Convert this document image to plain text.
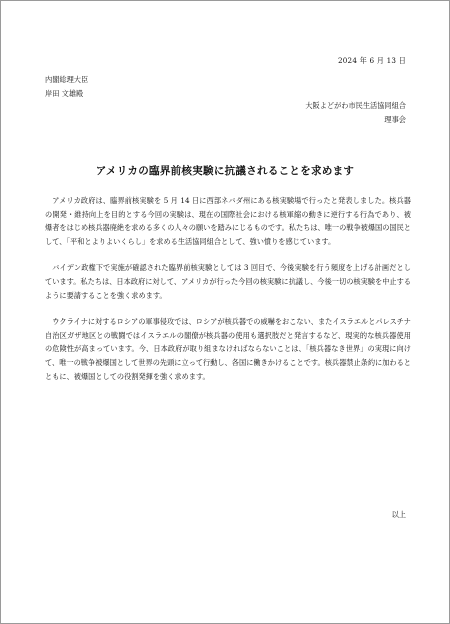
2024 年 6 月 13 日
内閣総理大臣
岸田 文雄殿
大阪よどがわ市民生活協同組合
理事会
アメリカの臨界前核実験に抗議されることを求めます

アメリカ政府は、臨界前核実験を 5 月 14 日に西部ネバダ州にある核実験場で行ったと発表しました。核兵器の開発・維持向上を目的とする今回の実験は、現在の国際社会における核軍縮の動きに逆行する行為であり、被爆者をはじめ核兵器廃絶を求める多くの人々の願いを踏みにじるものです。私たちは、唯一の戦争被爆国の国民として、「平和とよりよいくらし」を求める生活協同組合として、強い憤りを感じています。

バイデン政権下で実施が確認された臨界前核実験としては 3 回目で、今後実験を行う頻度を上げる計画だとしています。私たちは、日本政府に対して、アメリカが行った今回の核実験に抗議し、今後一切の核実験を中止するように要請することを強く求めます。

ウクライナに対するロシアの軍事侵攻では、ロシアが核兵器での威嚇をおこない、またイスラエルとパレスチナ自治区ガザ地区との戦闘ではイスラエルの閣僚が核兵器の使用も選択肢だと発言するなど、現実的な核兵器使用の危険性が高まっています。今、日本政府が取り組まなければならないことは、「核兵器なき世界」の実現に向けて、唯一の戦争被爆国として世界の先頭に立って行動し、各国に働きかけることです。核兵器禁止条約に加わるとともに、被爆国としての役割発揮を強く求めます。

以上
